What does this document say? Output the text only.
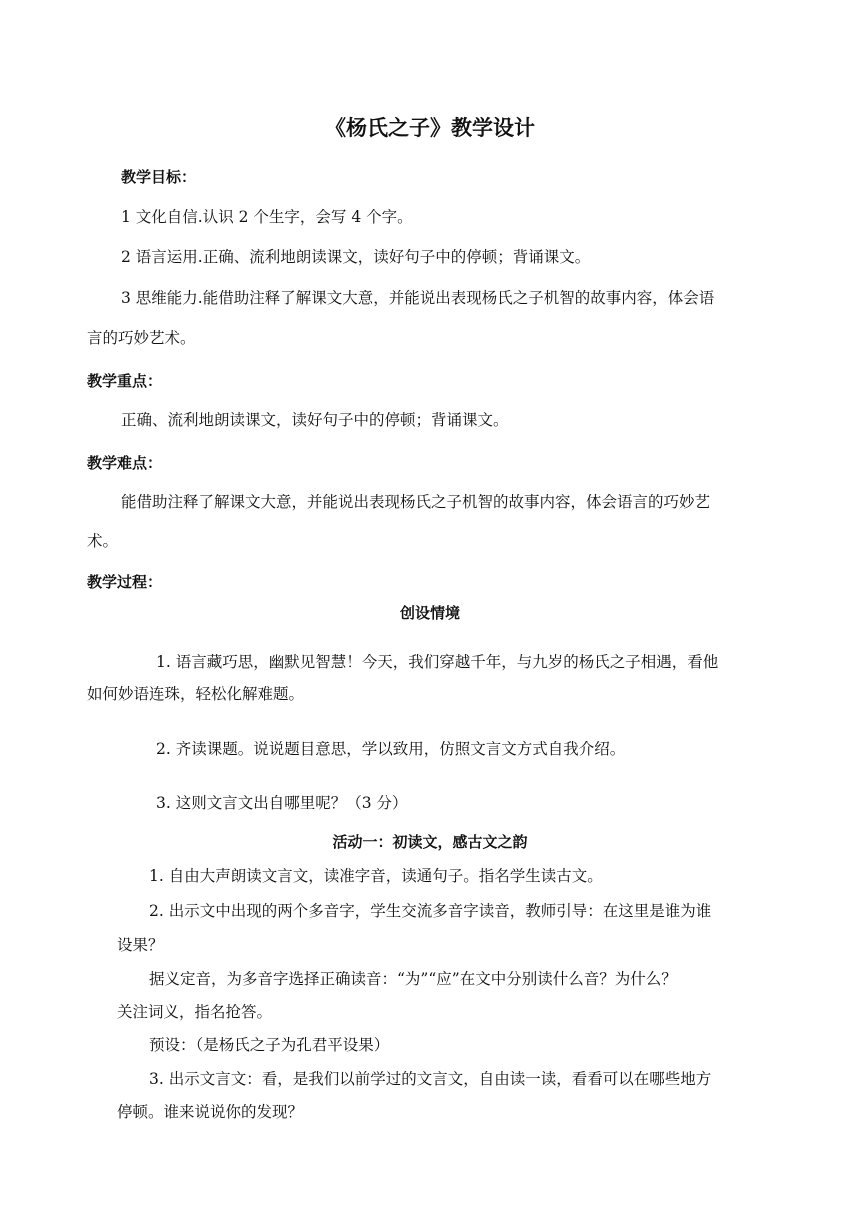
《杨氏之子》教学设计
教学目标：
1 文化自信.认识 2 个生字，会写 4 个字。
2 语言运用.正确、流利地朗读课文，读好句子中的停顿；背诵课文。
3 思维能力.能借助注释了解课文大意，并能说出表现杨氏之子机智的故事内容，体会语
言的巧妙艺术。
教学重点：
正确、流利地朗读课文，读好句子中的停顿；背诵课文。
教学难点：
能借助注释了解课文大意，并能说出表现杨氏之子机智的故事内容，体会语言的巧妙艺
术。
教学过程：
创设情境
1. 语言藏巧思，幽默见智慧！今天，我们穿越千年，与九岁的杨氏之子相遇，看他
如何妙语连珠，轻松化解难题。
2. 齐读课题。说说题目意思，学以致用，仿照文言文方式自我介绍。
3. 这则文言文出自哪里呢？（3 分）
活动一：初读文，感古文之韵
1. 自由大声朗读文言文，读准字音，读通句子。指名学生读古文。
2. 出示文中出现的两个多音字，学生交流多音字读音，教师引导：在这里是谁为谁
设果？
据义定音，为多音字选择正确读音：“为”“应”在文中分别读什么音？为什么？
关注词义，指名抢答。
预设：（是杨氏之子为孔君平设果）
3. 出示文言文：看，是我们以前学过的文言文，自由读一读，看看可以在哪些地方
停顿。谁来说说你的发现？
